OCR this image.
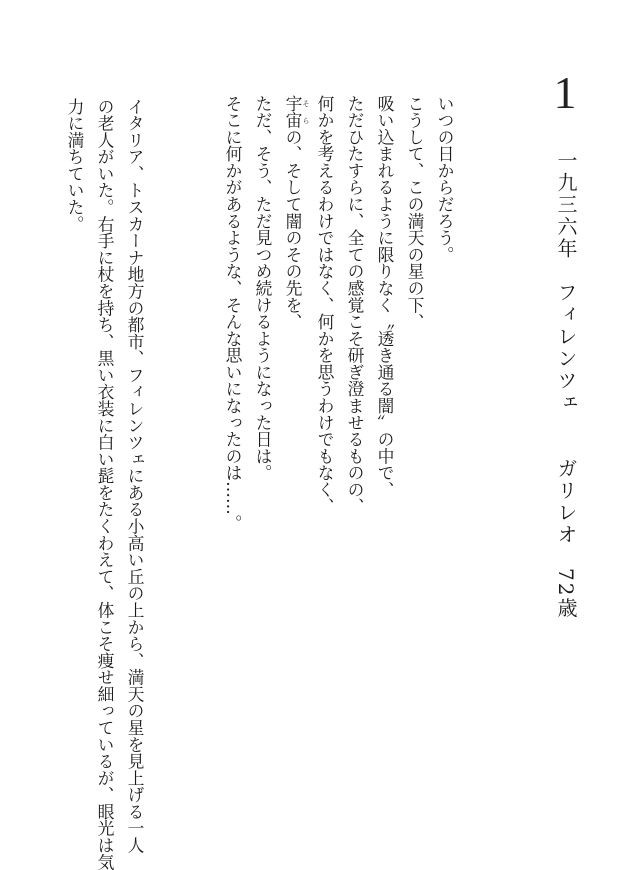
1
一九三六年　フィレンツェ　　ガリレオ　72歳
いつの日からだろう。
こうして、この満天の星の下、
吸い込まれるように限りなく〝透き通る闇〟の中で、
ただひたすらに、全ての感覚こそ研ぎ澄ませるものの、
何かを考えるわけではなく、何かを思うわけでもなく、
宇宙 そらの、そして闇のその先を、
ただ、そう、ただ見つめ続けるようになった日は。
そこに何かがあるような、そんな思いになったのは……。
イタリア、トスカーナ地方の都市、フィレンツェにある小高い丘の上から、満天の星を見上げる一人
の老人がいた。右手に杖を持ち、黒い衣装に白い髭をたくわえて、体こそ痩せ細っているが、眼光は気
力に満ちていた。
